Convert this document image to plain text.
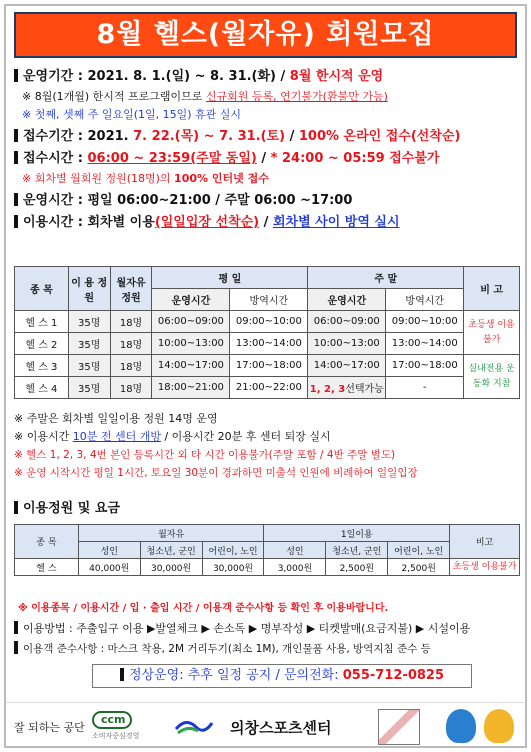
8월 헬스(월자유) 회원모집
운영기간 : 2021. 8. 1.(일) ~ 8. 31.(화) / 8월 한시적 운영
※ 8월(1개월) 한시적 프로그램이므로 신규회원 등록, 연기불가(환불만 가능)
※ 첫째, 셋째 주 일요일(1일, 15일) 휴관 실시
접수기간 : 2021. 7. 22.(목) ~ 7. 31.(토) / 100% 온라인 접수(선착순)
접수시간 : 06:00 ~ 23:59(주말 동일) / * 24:00 ~ 05:59 접수불가
※ 회차별 월회원 정원(18명)의 100% 인터넷 접수
운영시간 : 평일 06:00~21:00 / 주말 06:00 ~17:00
이용시간 : 회차별 이용(일일입장 선착순) / 회차별 사이 방역 실시
종 목	이 용 정 원	월자유 정원	평 일		주 말		비 고
			운영시간	방역시간	운영시간	방역시간	
헬 스 1	35명	18명	06:00~09:00	09:00~10:00	06:00~09:00	09:00~10:00	초등생 이용불가
헬 스 2	35명	18명	10:00~13:00	13:00~14:00	10:00~13:00	13:00~14:00	
헬 스 3	35명	18명	14:00~17:00	17:00~18:00	14:00~17:00	17:00~18:00	실내전용 운동화 지참
헬 스 4	35명	18명	18:00~21:00	21:00~22:00	1, 2, 3선택가능	-	
※ 주말은 회차별 일일이용 정원 14명 운영
※ 이용시간 10분 전 센터 개방 / 이용시간 20분 후 센터 퇴장 실시
※ 헬스 1, 2, 3, 4번 본인 등록시간 외 타 시간 이용불가(주말 포함 / 4반 주말 별도)
※ 운영 시작시간 평일 1시간, 토요일 30분이 경과하면 미출석 인원에 비례하여 일일입장
이용정원 및 요금
종 목	월자유			1일이용			비고
	성인	청소년, 군인	어린이, 노인	성인	청소년, 군인	어린이, 노인	
헬 스	40,000원	30,000원	30,000원	3,000원	2,500원	2,500원	초등생 이용불가
※ 이용종목 / 이용시간 / 입 · 출입 시간 / 이용객 준수사항 등 확인 후 이용바랍니다.
이용방법 : 주출입구 이용 ▶발열체크 ▶ 손소독 ▶ 명부작성 ▶ 티켓발매(요금지불) ▶ 시설이용
이용객 준수사항 : 마스크 착용, 2M 거리두기(최소 1M), 개인물품 사용, 방역지침 준수 등
정상운영: 추후 일정 공지 / 문의전화: 055-712-0825
잘 되하는 공단
ccm
소비자중심경영	의창스포츠센터
